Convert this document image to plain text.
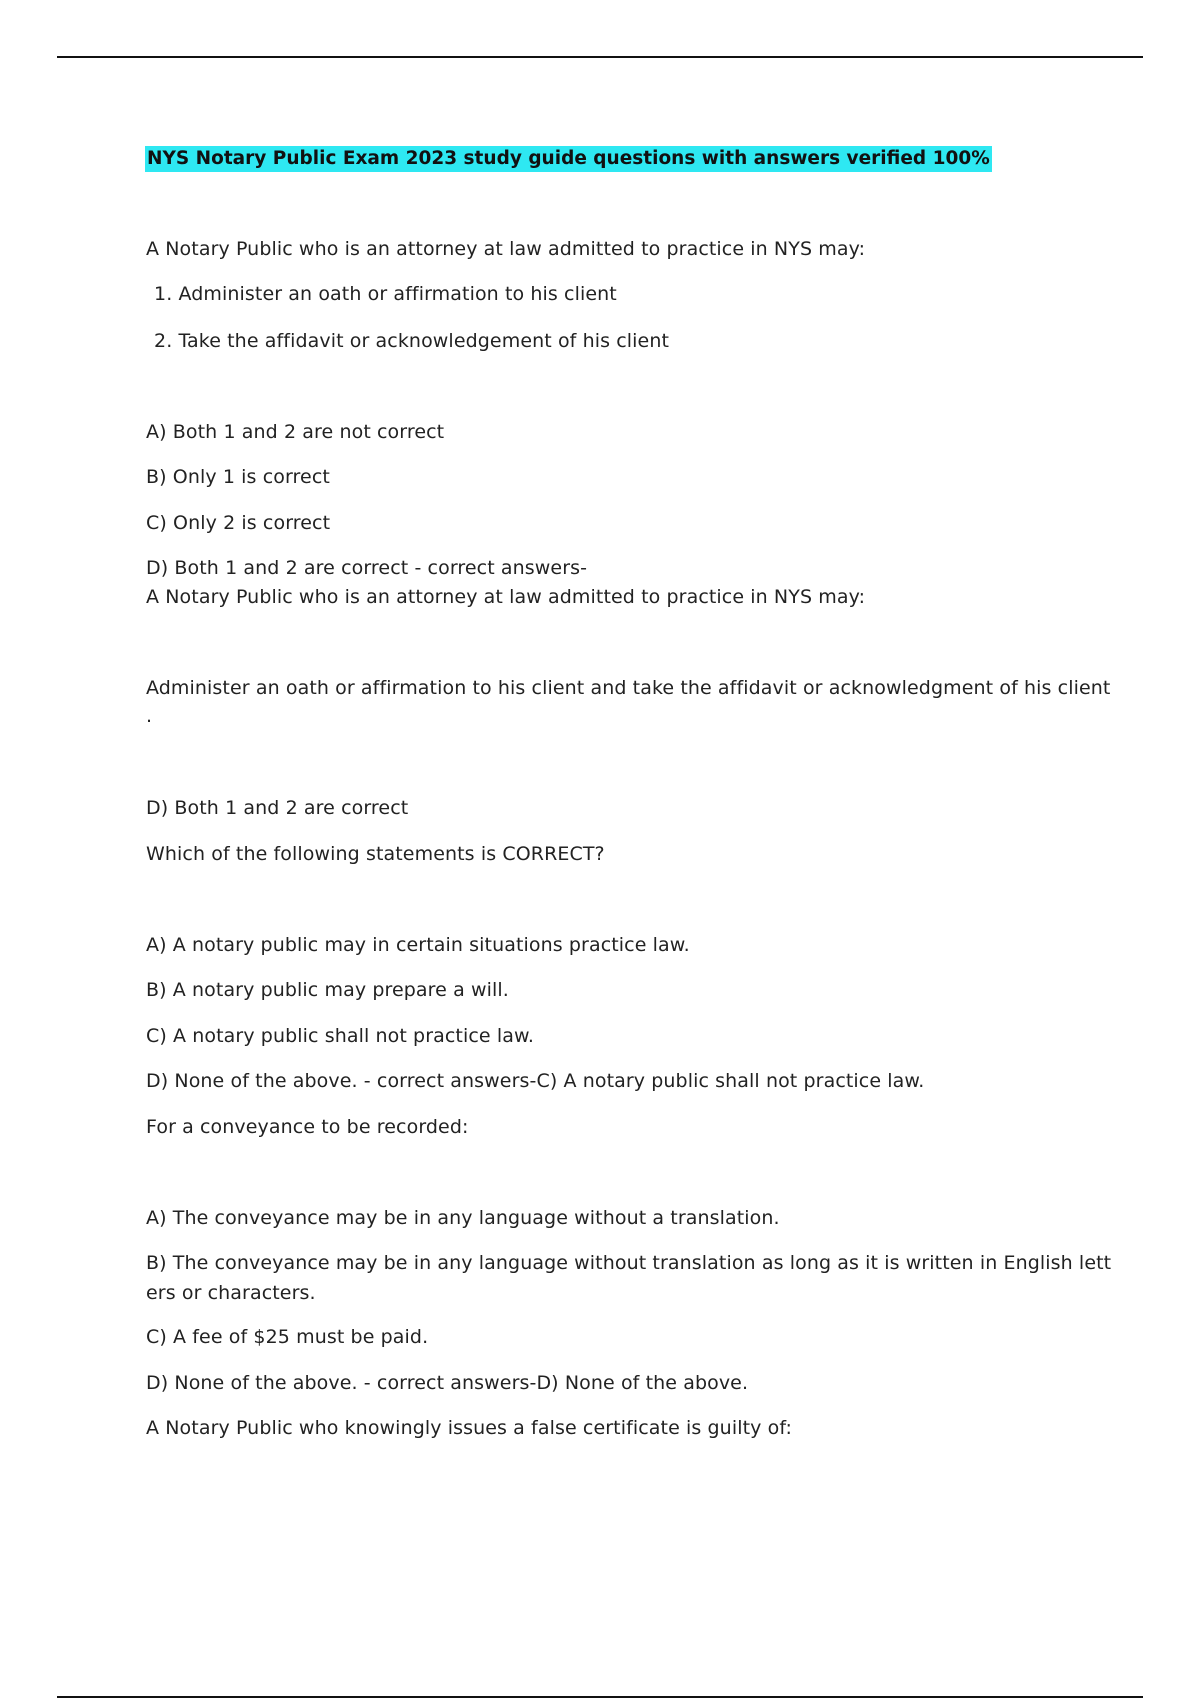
NYS Notary Public Exam 2023 study guide questions with answers verified 100%
A Notary Public who is an attorney at law admitted to practice in NYS may:
1. Administer an oath or affirmation to his client
2. Take the affidavit or acknowledgement of his client
A) Both 1 and 2 are not correct
B) Only 1 is correct
C) Only 2 is correct
D) Both 1 and 2 are correct - correct answers-
A Notary Public who is an attorney at law admitted to practice in NYS may:
Administer an oath or affirmation to his client and take the affidavit or acknowledgment of his client
.
D) Both 1 and 2 are correct
Which of the following statements is CORRECT?
A) A notary public may in certain situations practice law.
B) A notary public may prepare a will.
C) A notary public shall not practice law.
D) None of the above. - correct answers-C) A notary public shall not practice law.
For a conveyance to be recorded:
A) The conveyance may be in any language without a translation.
B) The conveyance may be in any language without translation as long as it is written in English lett
ers or characters.
C) A fee of $25 must be paid.
D) None of the above. - correct answers-D) None of the above.
A Notary Public who knowingly issues a false certificate is guilty of:
